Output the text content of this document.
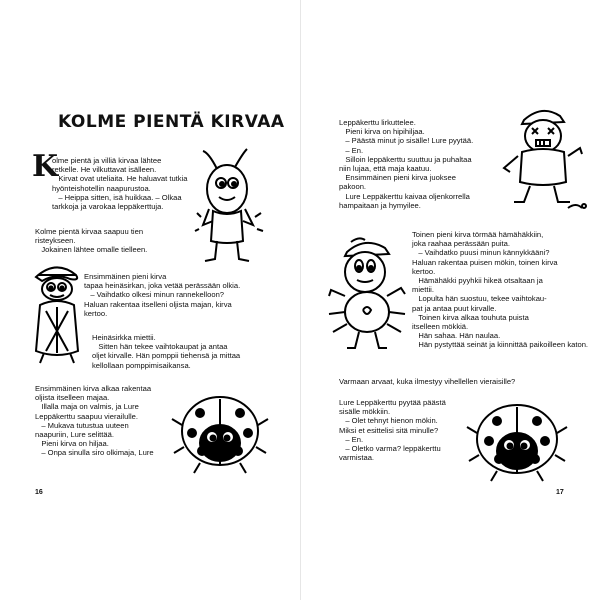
KOLME PIENTÄ KIRVAA
K

olme pientä ja villiä kirvaa lähtee
retkelle. He vilkuttavat isälleen.
Kirvat ovat uteliaita. He haluavat tutkia
hyönteishotellin naapurustoa.
– Heippa sitten, isä huikkaa. – Olkaa
tarkkoja ja varokaa leppäkerttuja.

Kolme pientä kirvaa saapuu tien
risteykseen.
Jokainen lähtee omalle tielleen.

Ensimmäinen pieni kirva
tapaa heinäsirkan, joka vetää perässään olkia.
– Vaihdatko olkesi minun rannekelloon?
Haluan rakentaa itselleni oljista majan, kirva
kertoo.

Heinäsirkka miettii.
Sitten hän tekee vaihtokaupat ja antaa
oljet kirvalle. Hän pomppii tiehensä ja mittaa
kellollaan pomppimisaikansa.

Ensimmäinen kirva alkaa rakentaa
oljista itselleen majaa.
Illalla maja on valmis, ja Lure
Leppäkerttu saapuu vierailulle.
– Mukava tutustua uuteen
naapuriin, Lure selittää.
Pieni kirva on hiljaa.
– Onpa sinulla siro olkimaja, Lure

16

Leppäkerttu lirkuttelee.
Pieni kirva on hipihiljaa.
– Päästä minut jo sisälle! Lure pyytää.
– En.
Silloin leppäkerttu suuttuu ja puhaltaa
niin lujaa, että maja kaatuu.
Ensimmäinen pieni kirva juoksee
pakoon.
Lure Leppäkerttu kaivaa oljenkorrella
hampaitaan ja hymyilee.

Toinen pieni kirva törmää hämähäkkiin,
joka raahaa perässään puita.
– Vaihdatko puusi minun kännykkääni?
Haluan rakentaa puisen mökin, toinen kirva
kertoo.
Hämähäkki pyyhkii hikeä otsaltaan ja
miettii.
Lopulta hän suostuu, tekee vaihtokau-
pat ja antaa puut kirvalle.
Toinen kirva alkaa touhuta puista
itselleen mökkiä.
Hän sahaa. Hän naulaa.
Hän pystyttää seinät ja kiinnittää paikoilleen katon.

Varmaan arvaat, kuka ilmestyy vihellellen vieraisille?

Lure Leppäkerttu pyytää päästä
sisälle mökkiin.
– Olet tehnyt hienon mökin.
Miksi et esittelisi sitä minulle?
– En.
– Oletko varma? leppäkerttu
varmistaa.

17
